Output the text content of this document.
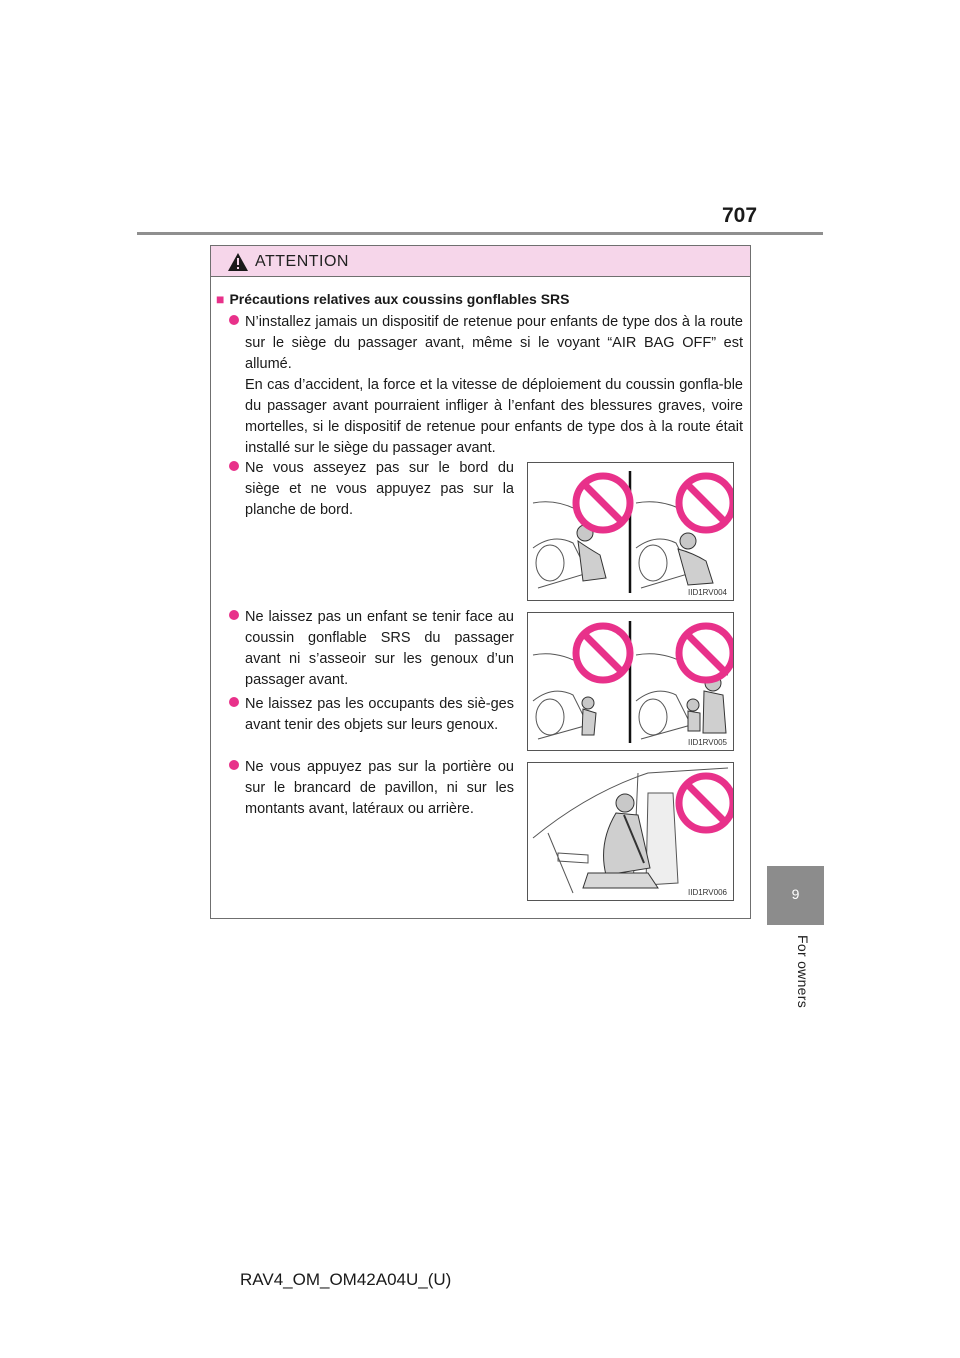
707
9
For owners
ATTENTION
■ Précautions relatives aux coussins gonflables SRS
N’installez jamais un dispositif de retenue pour enfants de type dos à la route sur le siège du passager avant, même si le voyant “AIR BAG OFF” est allumé.
En cas d’accident, la force et la vitesse de déploiement du coussin gonfla-ble du passager avant pourraient infliger à l’enfant des blessures graves, voire mortelles, si le dispositif de retenue pour enfants de type dos à la route était installé sur le siège du passager avant.
Ne vous asseyez pas sur le bord du siège et ne vous appuyez pas sur la planche de bord.
Ne laissez pas un enfant se tenir face au coussin gonflable SRS du passager avant ni s’asseoir sur les genoux d’un passager avant.
Ne laissez pas les occupants des siè-ges avant tenir des objets sur leurs genoux.
Ne vous appuyez pas sur la portière ou sur le brancard de pavillon, ni sur les montants avant, latéraux ou arrière.
IID1RV004
IID1RV005
IID1RV006
RAV4_OM_OM42A04U_(U)
